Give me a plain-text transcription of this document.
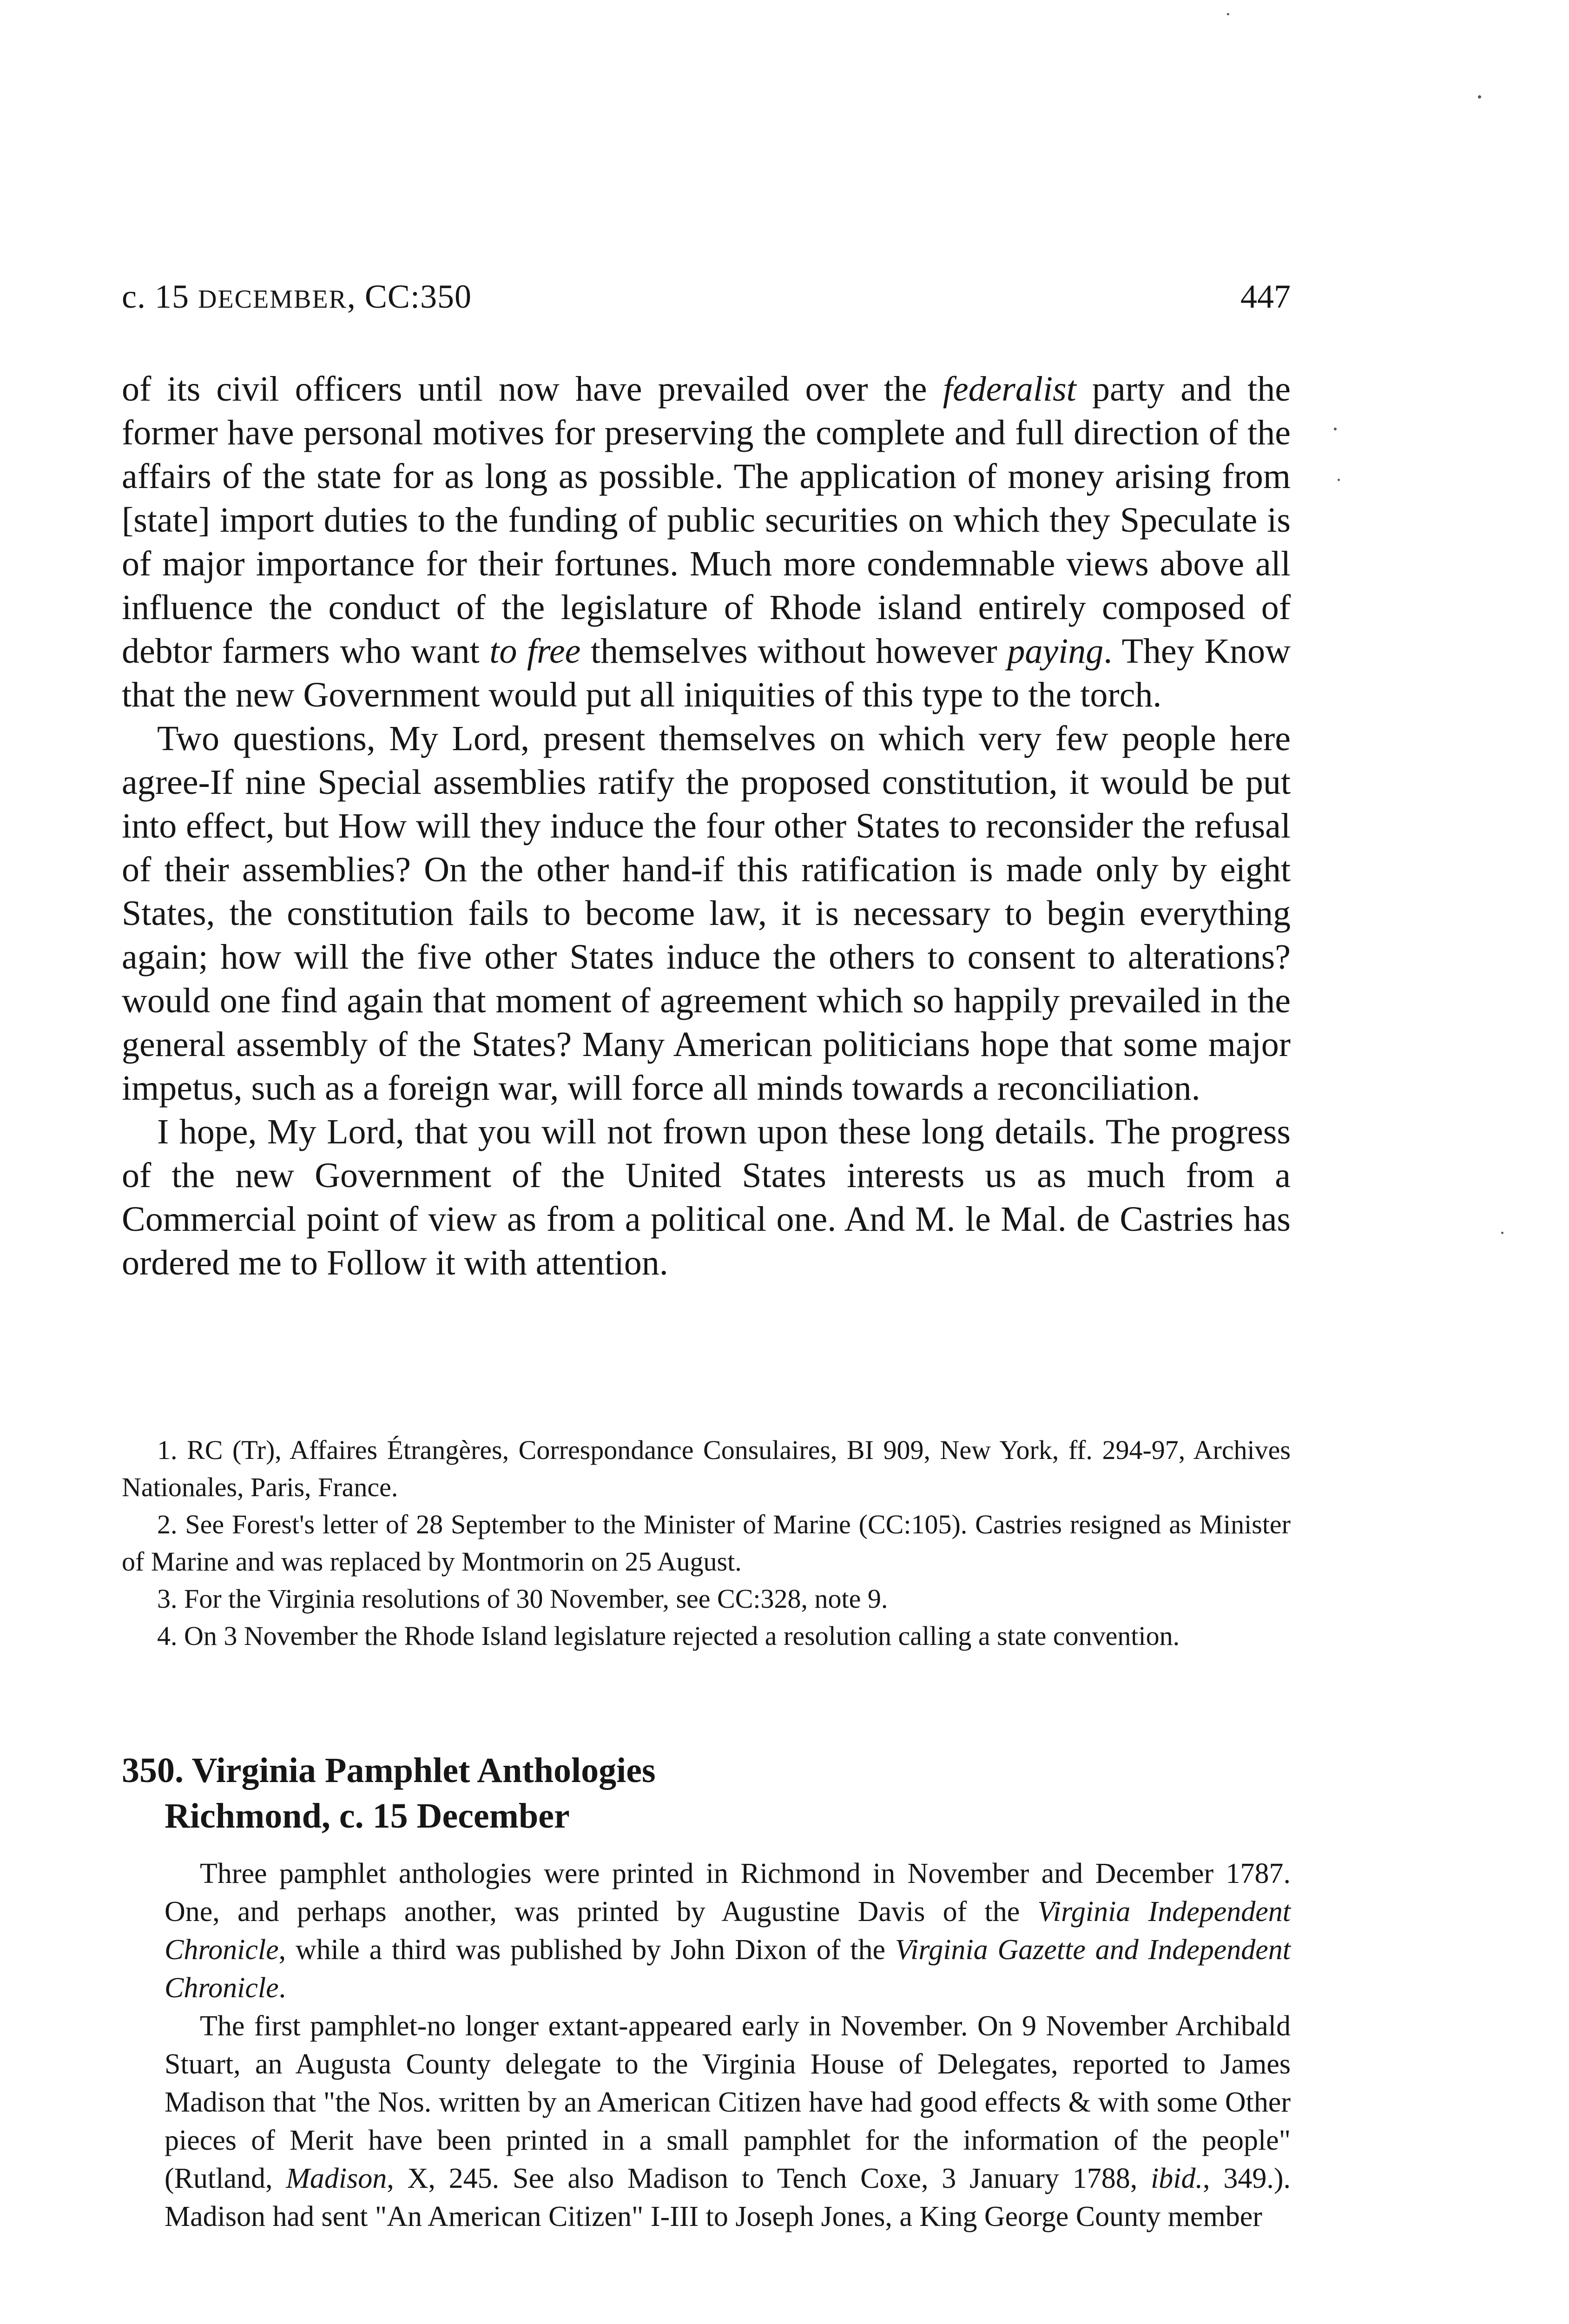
c. 15 DECEMBER, CC:350	447

of its civil officers until now have prevailed over the federalist party and the former have personal motives for preserving the complete and full direction of the affairs of the state for as long as possible. The application of money arising from [state] import duties to the funding of public securities on which they Speculate is of major importance for their fortunes. Much more condemnable views above all influence the conduct of the legislature of Rhode island entirely composed of debtor farmers who want to free themselves without however paying. They Know that the new Government would put all iniquities of this type to the torch.

Two questions, My Lord, present themselves on which very few people here agree-If nine Special assemblies ratify the proposed constitution, it would be put into effect, but How will they induce the four other States to reconsider the refusal of their assemblies? On the other hand-if this ratification is made only by eight States, the constitution fails to become law, it is necessary to begin everything again; how will the five other States induce the others to consent to alterations? would one find again that moment of agreement which so happily prevailed in the general assembly of the States? Many American politicians hope that some major impetus, such as a foreign war, will force all minds towards a reconciliation.

I hope, My Lord, that you will not frown upon these long details. The progress of the new Government of the United States interests us as much from a Commercial point of view as from a political one. And M. le Mal. de Castries has ordered me to Follow it with attention.

1. RC (Tr), Affaires Étrangères, Correspondance Consulaires, BI 909, New York, ff. 294-97, Archives Nationales, Paris, France.

2. See Forest's letter of 28 September to the Minister of Marine (CC:105). Castries resigned as Minister of Marine and was replaced by Montmorin on 25 August.

3. For the Virginia resolutions of 30 November, see CC:328, note 9.

4. On 3 November the Rhode Island legislature rejected a resolution calling a state convention.

350. Virginia Pamphlet Anthologies
Richmond, c. 15 December

Three pamphlet anthologies were printed in Richmond in November and December 1787. One, and perhaps another, was printed by Augustine Davis of the Virginia Independent Chronicle, while a third was published by John Dixon of the Virginia Gazette and Independent Chronicle.

The first pamphlet-no longer extant-appeared early in November. On 9 November Archibald Stuart, an Augusta County delegate to the Virginia House of Delegates, reported to James Madison that "the Nos. written by an American Citizen have had good effects & with some Other pieces of Merit have been printed in a small pamphlet for the information of the people" (Rutland, Madison, X, 245. See also Madison to Tench Coxe, 3 January 1788, ibid., 349.). Madison had sent "An American Citizen" I-III to Joseph Jones, a King George County member
